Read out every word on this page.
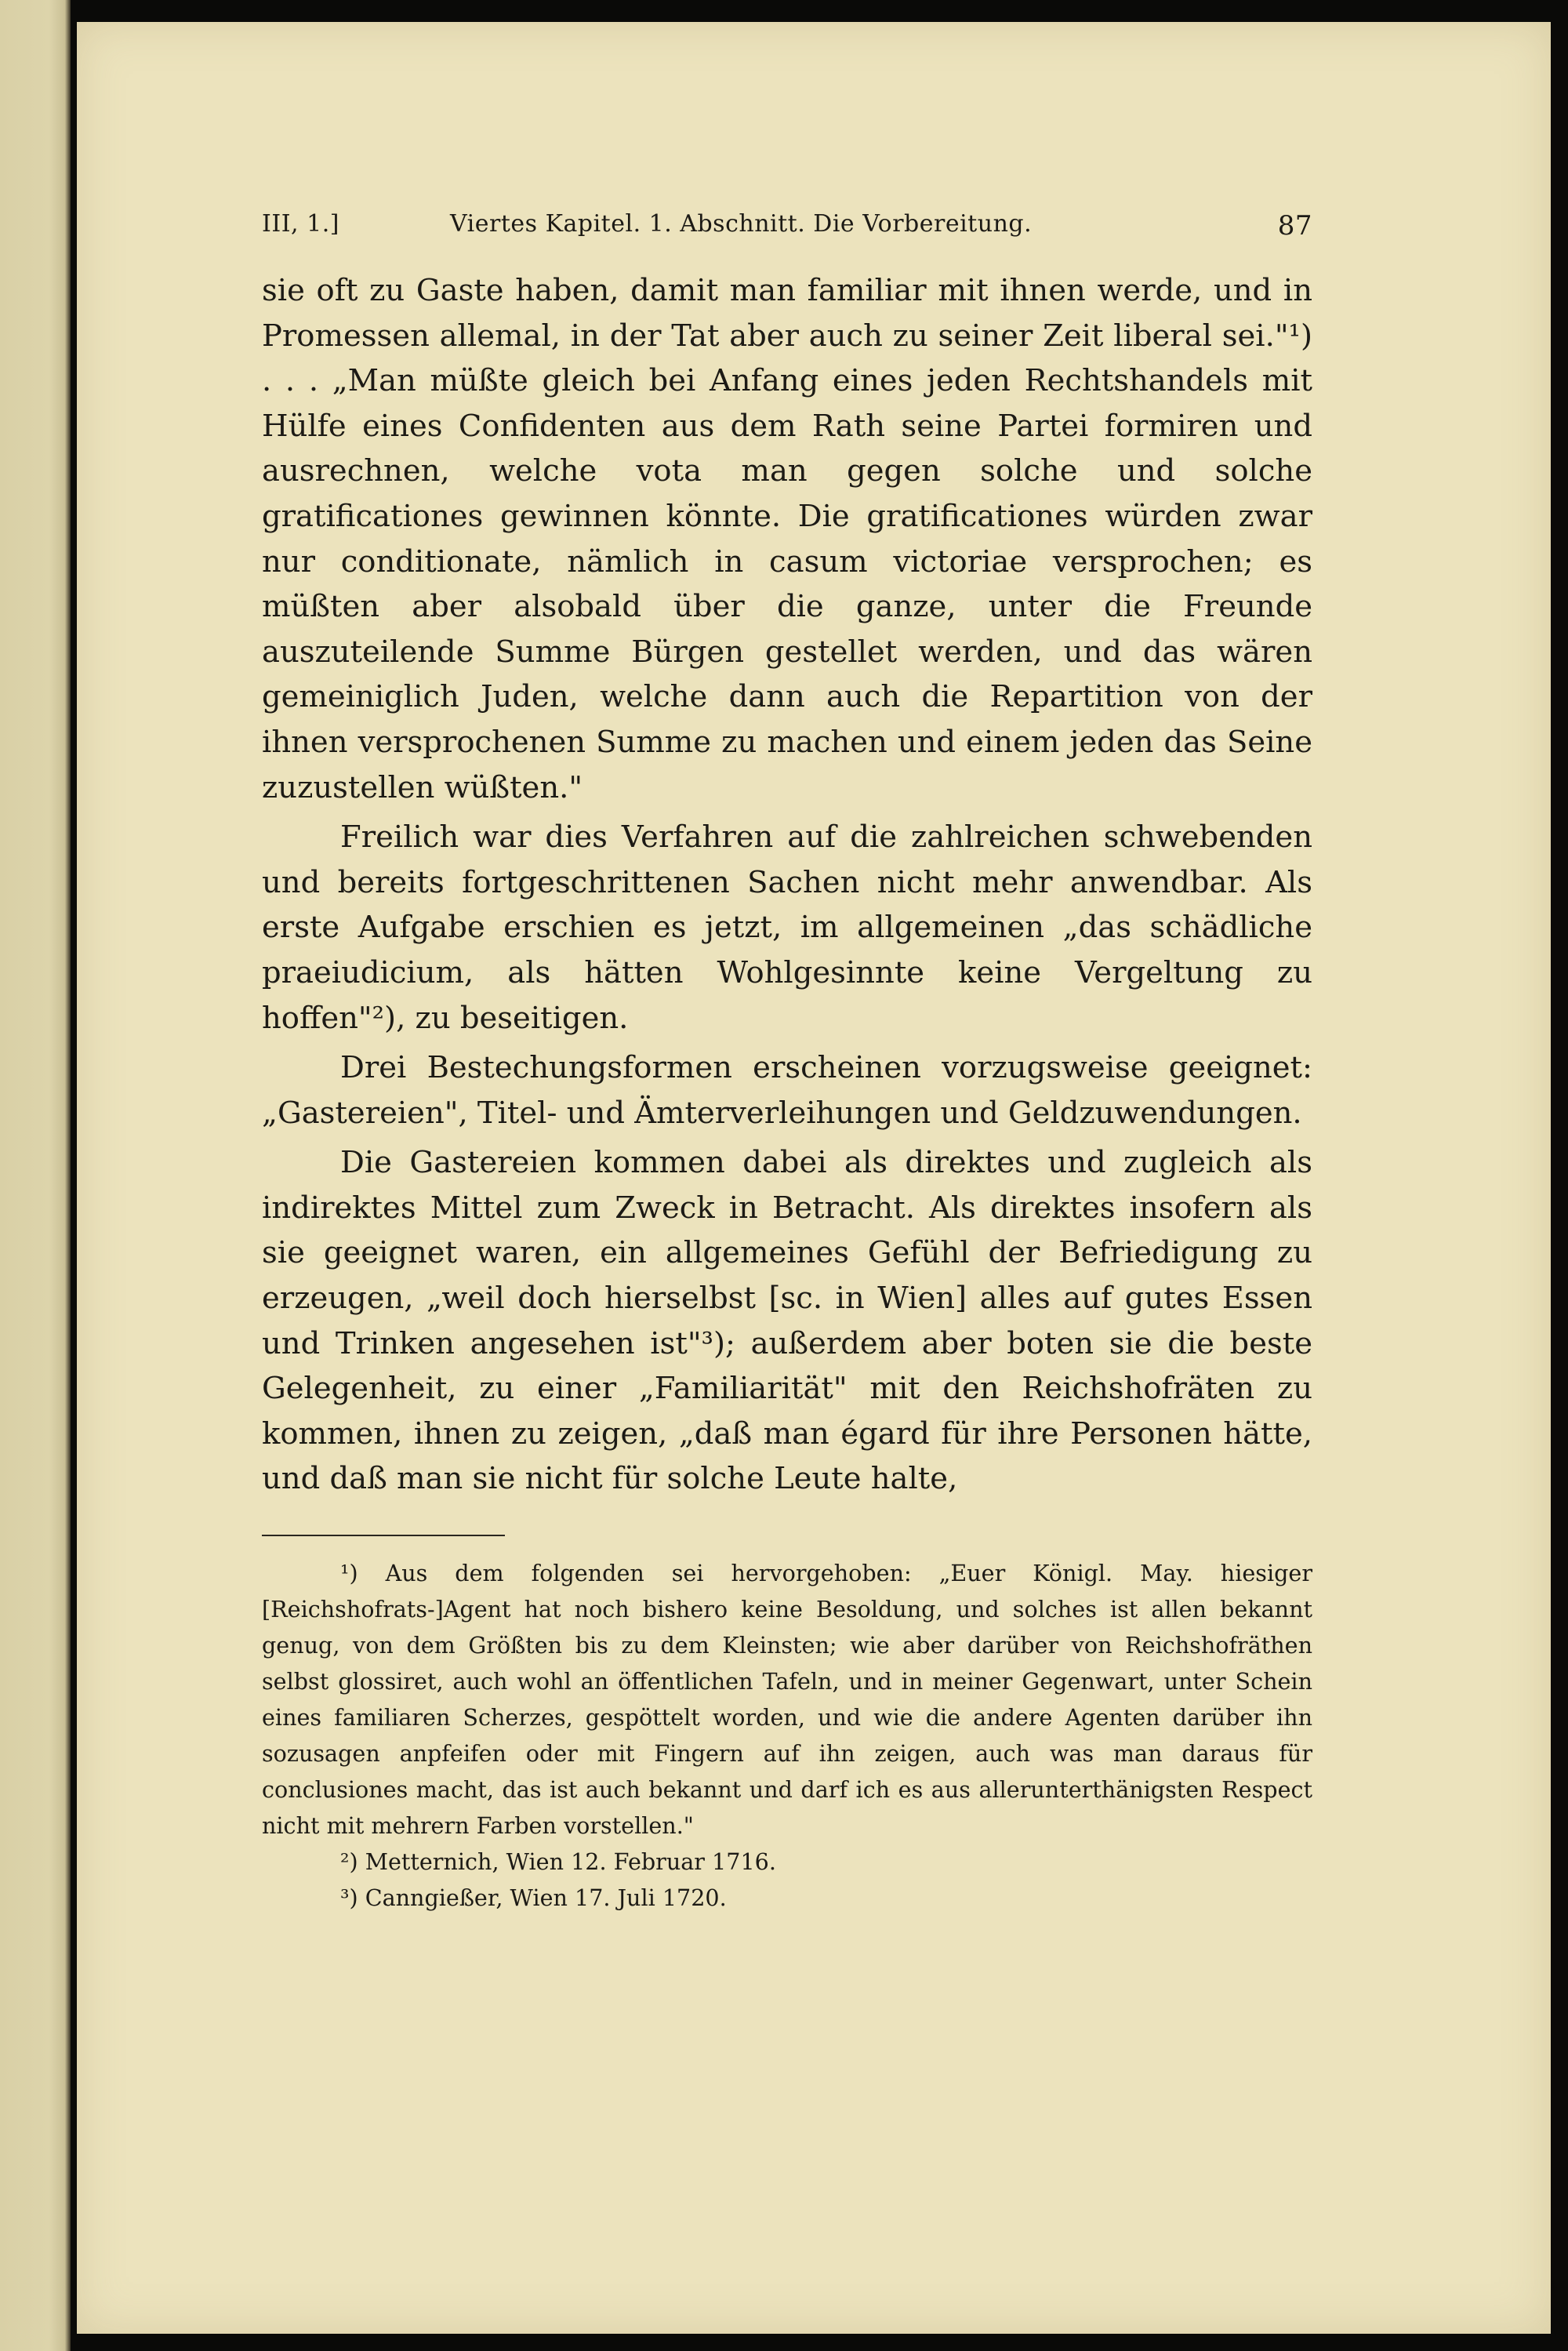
III, 1.]	Viertes Kapitel. 1. Abschnitt. Die Vorbereitung.	87

sie oft zu Gaste haben, damit man familiar mit ihnen werde, und in Promessen allemal, in der Tat aber auch zu seiner Zeit liberal sei."¹) . . . „Man müßte gleich bei Anfang eines jeden Rechtshandels mit Hülfe eines Confidenten aus dem Rath seine Partei formiren und ausrechnen, welche vota man gegen solche und solche gratificationes gewinnen könnte. Die gratificationes würden zwar nur conditionate, nämlich in casum victoriae versprochen; es müßten aber alsobald über die ganze, unter die Freunde auszuteilende Summe Bürgen gestellet werden, und das wären gemeiniglich Juden, welche dann auch die Repartition von der ihnen versprochenen Summe zu machen und einem jeden das Seine zuzustellen wüßten."

Freilich war dies Verfahren auf die zahlreichen schwebenden und bereits fortgeschrittenen Sachen nicht mehr anwendbar. Als erste Aufgabe erschien es jetzt, im allgemeinen „das schädliche praeiudicium, als hätten Wohlgesinnte keine Vergeltung zu hoffen"²), zu beseitigen.

Drei Bestechungsformen erscheinen vorzugsweise geeignet: „Gastereien", Titel- und Ämterverleihungen und Geldzuwendungen.

Die Gastereien kommen dabei als direktes und zugleich als indirektes Mittel zum Zweck in Betracht. Als direktes insofern als sie geeignet waren, ein allgemeines Gefühl der Befriedigung zu erzeugen, „weil doch hierselbst [sc. in Wien] alles auf gutes Essen und Trinken angesehen ist"³); außerdem aber boten sie die beste Gelegenheit, zu einer „Familiarität" mit den Reichshofräten zu kommen, ihnen zu zeigen, „daß man égard für ihre Personen hätte, und daß man sie nicht für solche Leute halte,

¹) Aus dem folgenden sei hervorgehoben: „Euer Königl. May. hiesiger [Reichshofrats-]Agent hat noch bishero keine Besoldung, und solches ist allen bekannt genug, von dem Größten bis zu dem Kleinsten; wie aber darüber von Reichshofräthen selbst glossiret, auch wohl an öffentlichen Tafeln, und in meiner Gegenwart, unter Schein eines familiaren Scherzes, gespöttelt worden, und wie die andere Agenten darüber ihn sozusagen anpfeifen oder mit Fingern auf ihn zeigen, auch was man daraus für conclusiones macht, das ist auch bekannt und darf ich es aus allerunterthänigsten Respect nicht mit mehrern Farben vorstellen."

²) Metternich, Wien 12. Februar 1716.

³) Canngießer, Wien 17. Juli 1720.
